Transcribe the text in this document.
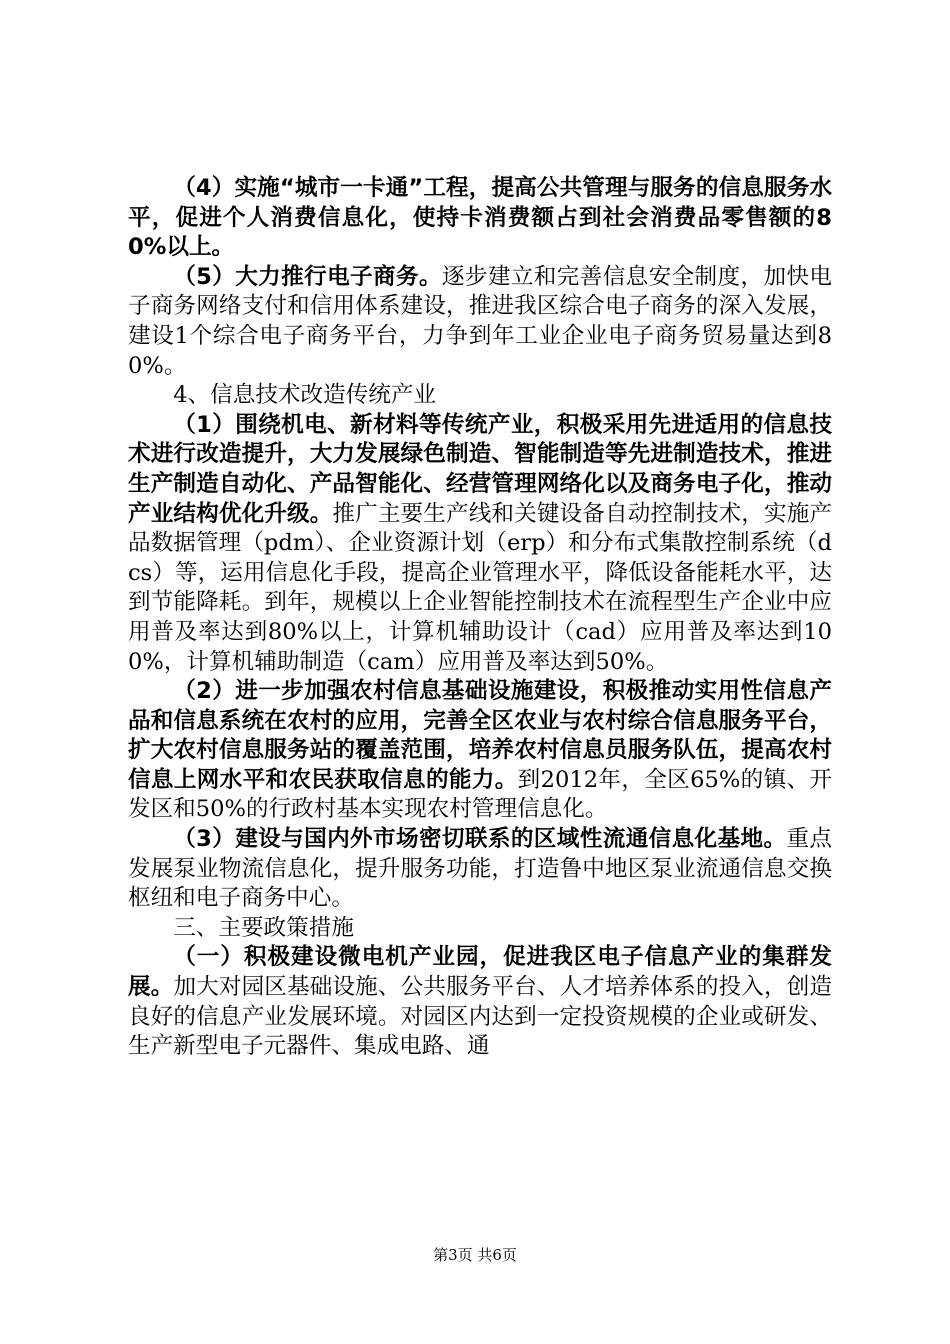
（4）实施“城市一卡通”工程，提高公共管理与服务的信息服务水平，促进个人消费信息化，使持卡消费额占到社会消费品零售额的80%以上。

（5）大力推行电子商务。逐步建立和完善信息安全制度，加快电子商务网络支付和信用体系建设，推进我区综合电子商务的深入发展，建设1个综合电子商务平台，力争到年工业企业电子商务贸易量达到80%。

4、信息技术改造传统产业

（1）围绕机电、新材料等传统产业，积极采用先进适用的信息技术进行改造提升，大力发展绿色制造、智能制造等先进制造技术，推进生产制造自动化、产品智能化、经营管理网络化以及商务电子化，推动产业结构优化升级。推广主要生产线和关键设备自动控制技术，实施产品数据管理（pdm）、企业资源计划（erp）和分布式集散控制系统（dcs）等，运用信息化手段，提高企业管理水平，降低设备能耗水平，达到节能降耗。到年，规模以上企业智能控制技术在流程型生产企业中应用普及率达到80%以上，计算机辅助设计（cad）应用普及率达到100%，计算机辅助制造（cam）应用普及率达到50%。

（2）进一步加强农村信息基础设施建设，积极推动实用性信息产品和信息系统在农村的应用，完善全区农业与农村综合信息服务平台，扩大农村信息服务站的覆盖范围，培养农村信息员服务队伍，提高农村信息上网水平和农民获取信息的能力。到2012年，全区65%的镇、开发区和50%的行政村基本实现农村管理信息化。

（3）建设与国内外市场密切联系的区域性流通信息化基地。重点发展泵业物流信息化，提升服务功能，打造鲁中地区泵业流通信息交换枢纽和电子商务中心。

三、主要政策措施

（一）积极建设微电机产业园，促进我区电子信息产业的集群发展。加大对园区基础设施、公共服务平台、人才培养体系的投入，创造良好的信息产业发展环境。对园区内达到一定投资规模的企业或研发、生产新型电子元器件、集成电路、通

第3页 共6页
